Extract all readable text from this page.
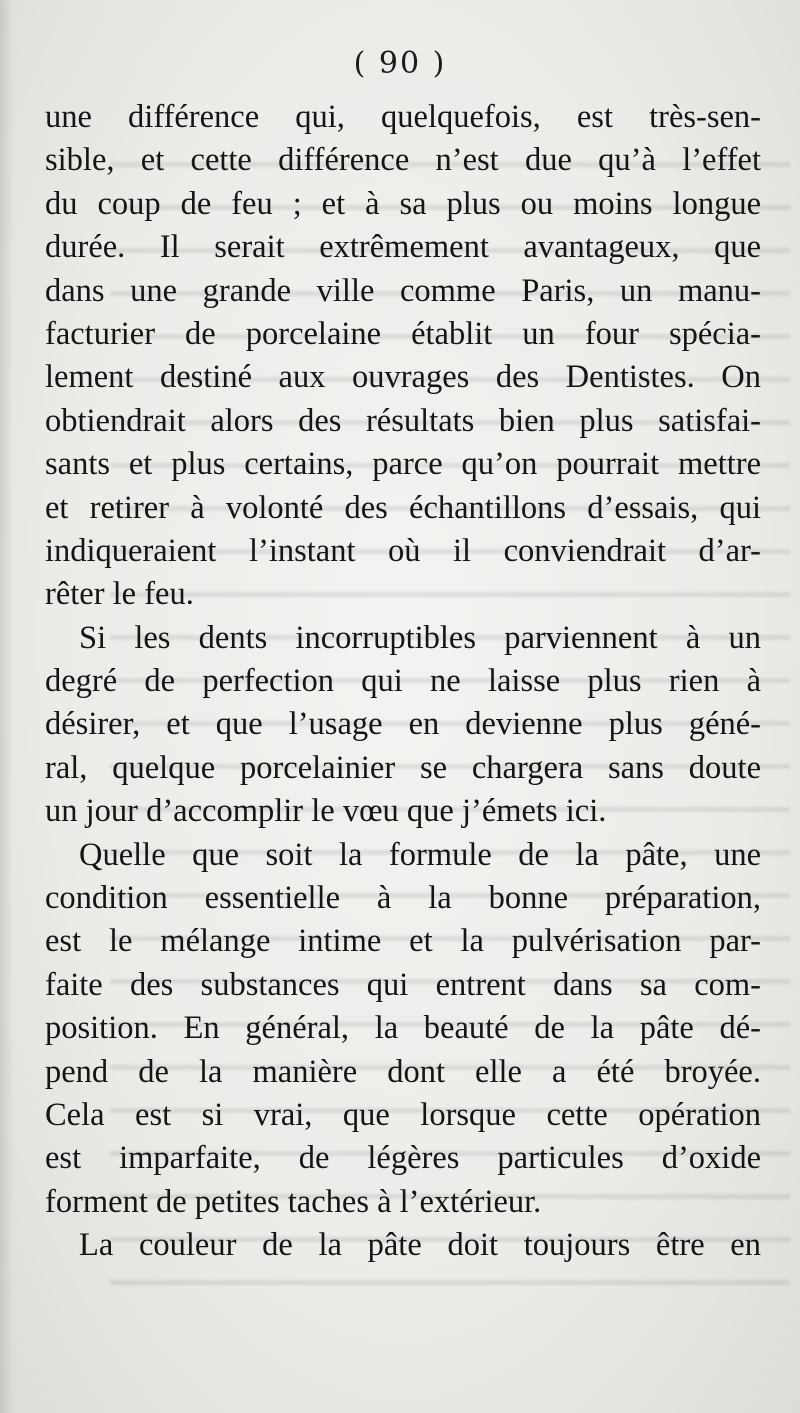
( 90 )
une différence qui, quelquefois, est très-sen-
sible, et cette différence n’est due qu’à l’effet
du coup de feu ; et à sa plus ou moins longue
durée. Il serait extrêmement avantageux, que
dans une grande ville comme Paris, un manu-
facturier de porcelaine établit un four spécia-
lement destiné aux ouvrages des Dentistes. On
obtiendrait alors des résultats bien plus satisfai-
sants et plus certains, parce qu’on pourrait mettre
et retirer à volonté des échantillons d’essais, qui
indiqueraient l’instant où il conviendrait d’ar-
rêter le feu.
Si les dents incorruptibles parviennent à un
degré de perfection qui ne laisse plus rien à
désirer, et que l’usage en devienne plus géné-
ral, quelque porcelainier se chargera sans doute
un jour d’accomplir le vœu que j’émets ici.
Quelle que soit la formule de la pâte, une
condition essentielle à la bonne préparation,
est le mélange intime et la pulvérisation par-
faite des substances qui entrent dans sa com-
position. En général, la beauté de la pâte dé-
pend de la manière dont elle a été broyée.
Cela est si vrai, que lorsque cette opération
est imparfaite, de légères particules d’oxide
forment de petites taches à l’extérieur.
La couleur de la pâte doit toujours être en
